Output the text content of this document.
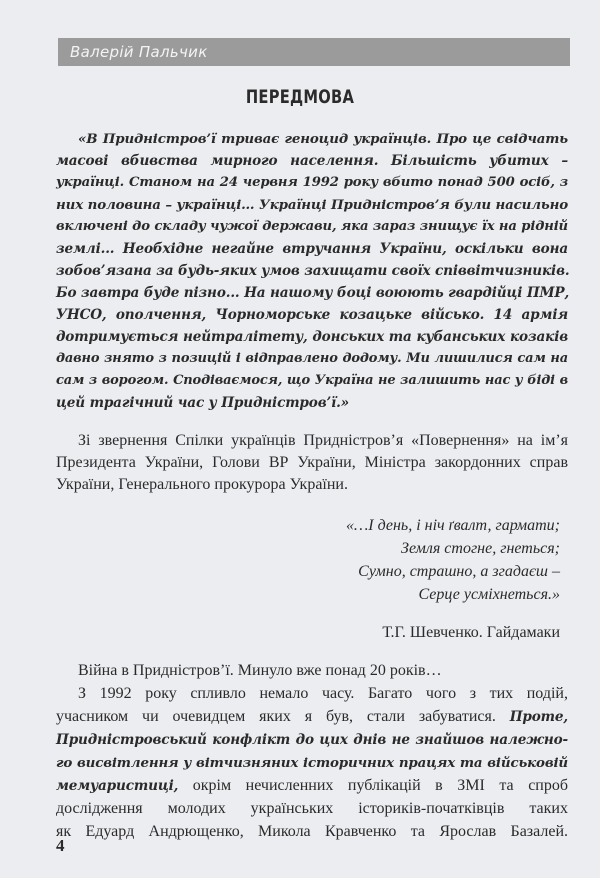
Валерій Пальчик
ПЕРЕДМОВА
«В Придністров’ї триває геноцид українців. Про це свідчать
масові вбивства мирного населення. Більшість убитих –
українці. Станом на 24 червня 1992 року вбито понад 500 осіб, з
них половина – українці… Українці Придністров’я були насильно
включені до складу чужої держави, яка зараз знищує їх на рідній
землі... Необхідне негайне втручання України, оскільки вона
зобов’язана за будь-яких умов захищати своїх співвітчизників.
Бо завтра буде пізно... На нашому боці воюють гвардійці ПМР,
УНСО, ополчення, Чорноморське козацьке військо. 14 армія
дотримується нейтралітету, донських та кубанських козаків
давно знято з позицій і відправлено додому. Ми лишилися сам на
сам з ворогом. Сподіваємося, що Україна не залишить нас у біді в
цей трагічний час у Придністров’ї.»
Зі звернення Спілки українців Придністров’я «Повернення» на ім’я
Президента України, Голови ВР України, Міністра закордонних справ
України, Генерального прокурора України.
«…І день, і ніч ґвалт, гармати;
Земля стогне, гнеться;
Сумно, страшно, а згадаєш –
Серце усміхнеться.»
Т.Г. Шевченко. Гайдамаки
Війна в Придністров’ї. Минуло вже понад 20 років…
З 1992 року спливло немало часу. Багато чого з тих подій,
учасником чи очевидцем яких я був, стали забуватися. Проте,
Придністровський конфлікт до цих днів не знайшов належно-
го висвітлення у вітчизняних історичних працях та військовій
мемуаристиці, окрім нечисленних публікацій в ЗМІ та спроб
дослідження молодих українських істориків-початківців таких
як Едуард Андрющенко, Микола Кравченко та Ярослав Базалей.
4
